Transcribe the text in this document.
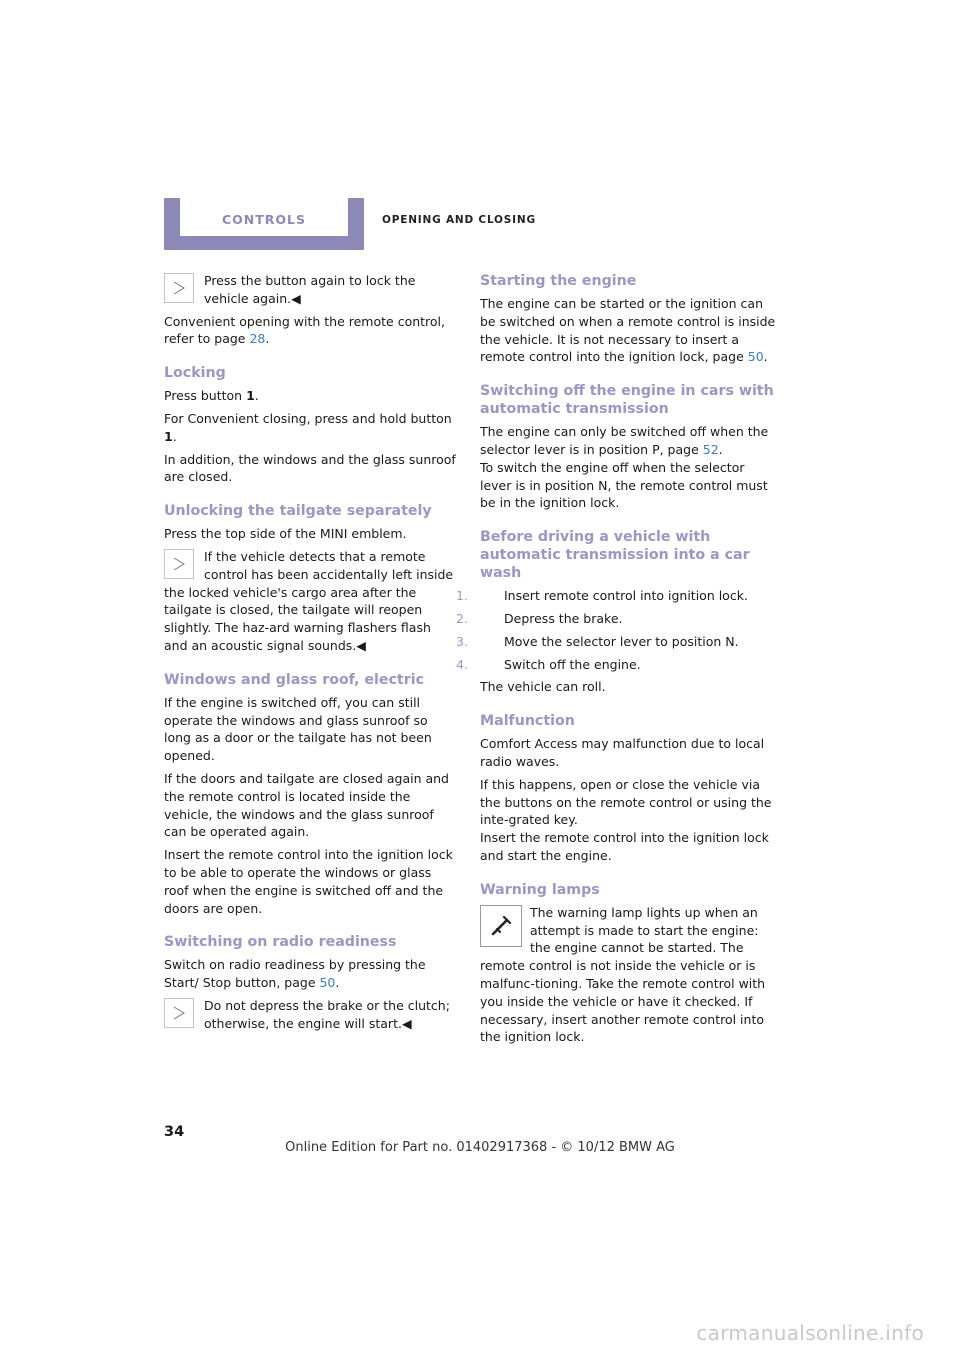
CONTROLS	OPENING AND CLOSING

Press the button again to lock the vehicle again.◀

Convenient opening with the remote control, refer to page 28.

Locking

Press button 1.

For Convenient closing, press and hold button 1.

In addition, the windows and the glass sunroof are closed.

Unlocking the tailgate separately

Press the top side of the MINI emblem.

If the vehicle detects that a remote control has been accidentally left inside the locked vehicle's cargo area after the tailgate is closed, the tailgate will reopen slightly. The haz-ard warning flashers flash and an acoustic signal sounds.◀

Windows and glass roof, electric

If the engine is switched off, you can still operate the windows and glass sunroof so long as a door or the tailgate has not been opened.

If the doors and tailgate are closed again and the remote control is located inside the vehicle, the windows and the glass sunroof can be operated again.

Insert the remote control into the ignition lock to be able to operate the windows or glass roof when the engine is switched off and the doors are open.

Switching on radio readiness

Switch on radio readiness by pressing the Start/ Stop button, page 50.

Do not depress the brake or the clutch; otherwise, the engine will start.◀

Starting the engine

The engine can be started or the ignition can be switched on when a remote control is inside the vehicle. It is not necessary to insert a remote control into the ignition lock, page 50.

Switching off the engine in cars with automatic transmission

The engine can only be switched off when the selector lever is in position P, page 52.

To switch the engine off when the selector lever is in position N, the remote control must be in the ignition lock.

Before driving a vehicle with automatic transmission into a car wash

1.	Insert remote control into ignition lock.

2.	Depress the brake.

3.	Move the selector lever to position N.

4.	Switch off the engine.

The vehicle can roll.

Malfunction

Comfort Access may malfunction due to local radio waves.

If this happens, open or close the vehicle via the buttons on the remote control or using the inte-grated key.

Insert the remote control into the ignition lock and start the engine.

Warning lamps

The warning lamp lights up when an attempt is made to start the engine: the engine cannot be started. The remote control is not inside the vehicle or is malfunc-tioning. Take the remote control with you inside the vehicle or have it checked. If necessary, insert another remote control into the ignition lock.

34
Online Edition for Part no. 01402917368 - © 10/12 BMW AG
carmanualsonline.info
